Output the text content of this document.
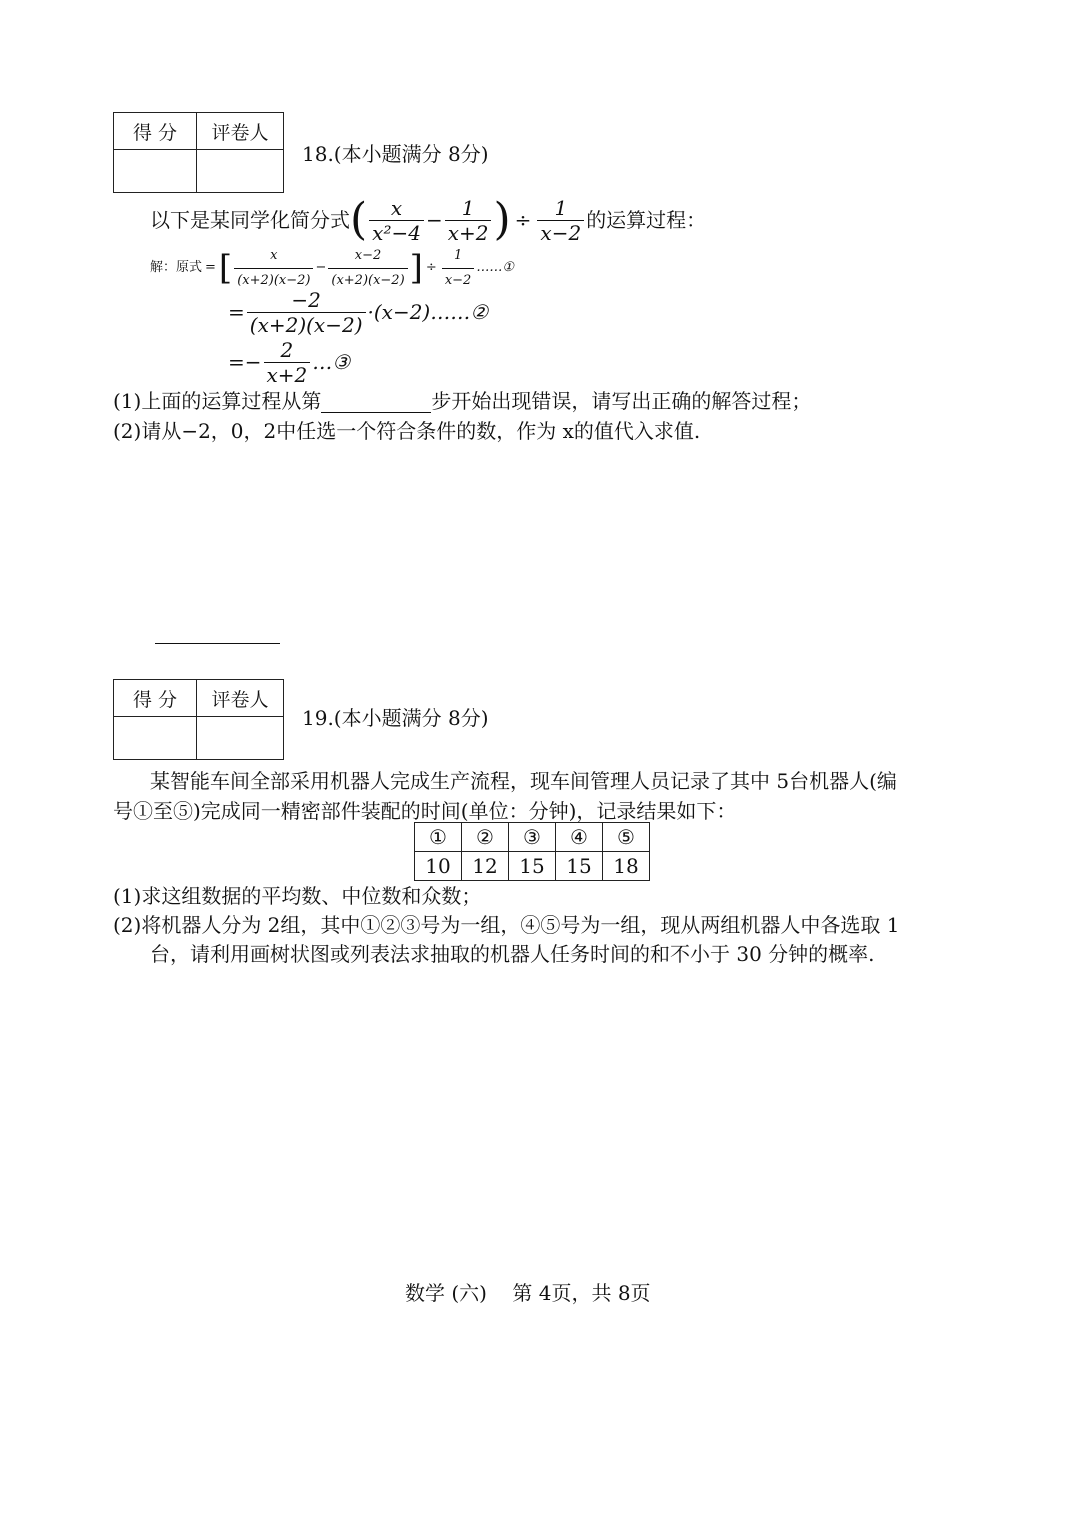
得 分	评卷人

18.(本小题满分 8分)
以下是某同学化简分式 ( $\frac{x}{\text{x²−4}} - \frac{1}{x+2}$ ) ÷ $\frac{1}{x-2}$ 的运算过程：
解：原式 = [ $\frac{x}{(x+2)(x-2)} - \frac{x-2}{(x+2)(x-2)}$ ] ÷ $\frac{1}{x-2}$ ……①
= $\frac{-2}{(x+2)(x-2)}$ ·(x−2)……②
=− $\frac{2}{x+2}$ …③
(1)上面的运算过程从第	步开始出现错误，请写出正确的解答过程；
(2)请从−2，0，2中任选一个符合条件的数，作为 x的值代入求值.
得 分	评卷人

19.(本小题满分 8分)
某智能车间全部采用机器人完成生产流程，现车间管理人员记录了其中 5台机器人(编
号①至⑤)完成同一精密部件装配的时间(单位：分钟)，记录结果如下：
①	②	③	④	⑤
10	12	15	15	18
(1)求这组数据的平均数、中位数和众数；
(2)将机器人分为 2组，其中①②③号为一组，④⑤号为一组，现从两组机器人中各选取 1
台，请利用画树状图或列表法求抽取的机器人任务时间的和不小于 30 分钟的概率.
数学 (六)    第 4页，共 8页
